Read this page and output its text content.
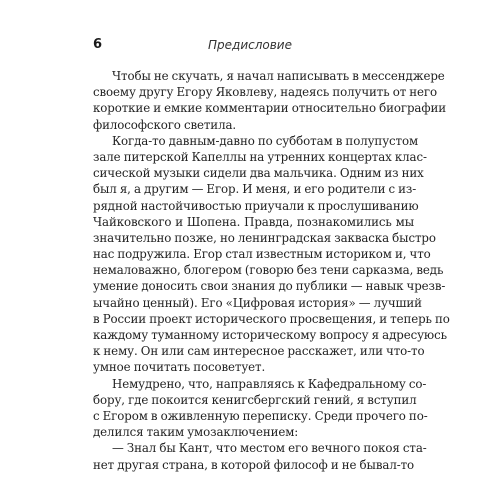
6	Предисловие
Чтобы не скучать, я начал написывать в мессенджере
своему другу Егору Яковлеву, надеясь получить от него
короткие и емкие комментарии относительно биографии
философского светила.
Когда-то давным-давно по субботам в полупустом
зале питерской Капеллы на утренних концертах клас-
сической музыки сидели два мальчика. Одним из них
был я, а другим — Егор. И меня, и его родители с из-
рядной настойчивостью приучали к прослушиванию
Чайковского и Шопена. Правда, познакомились мы
значительно позже, но ленинградская закваска быстро
нас подружила. Егор стал известным историком и, что
немаловажно, блогером (говорю без тени сарказма, ведь
умение доносить свои знания до публики — навык чрезв-
ычайно ценный). Его «Цифровая история» — лучший
в России проект исторического просвещения, и теперь по
каждому туманному историческому вопросу я адресуюсь
к нему. Он или сам интересное расскажет, или что-то
умное почитать посоветует.
Немудрено, что, направляясь к Кафедральному со-
бору, где покоится кенигсбергский гений, я вступил
с Егором в оживленную переписку. Среди прочего по-
делился таким умозаключением:
— Знал бы Кант, что местом его вечного покоя ста-
нет другая страна, в которой философ и не бывал-то
